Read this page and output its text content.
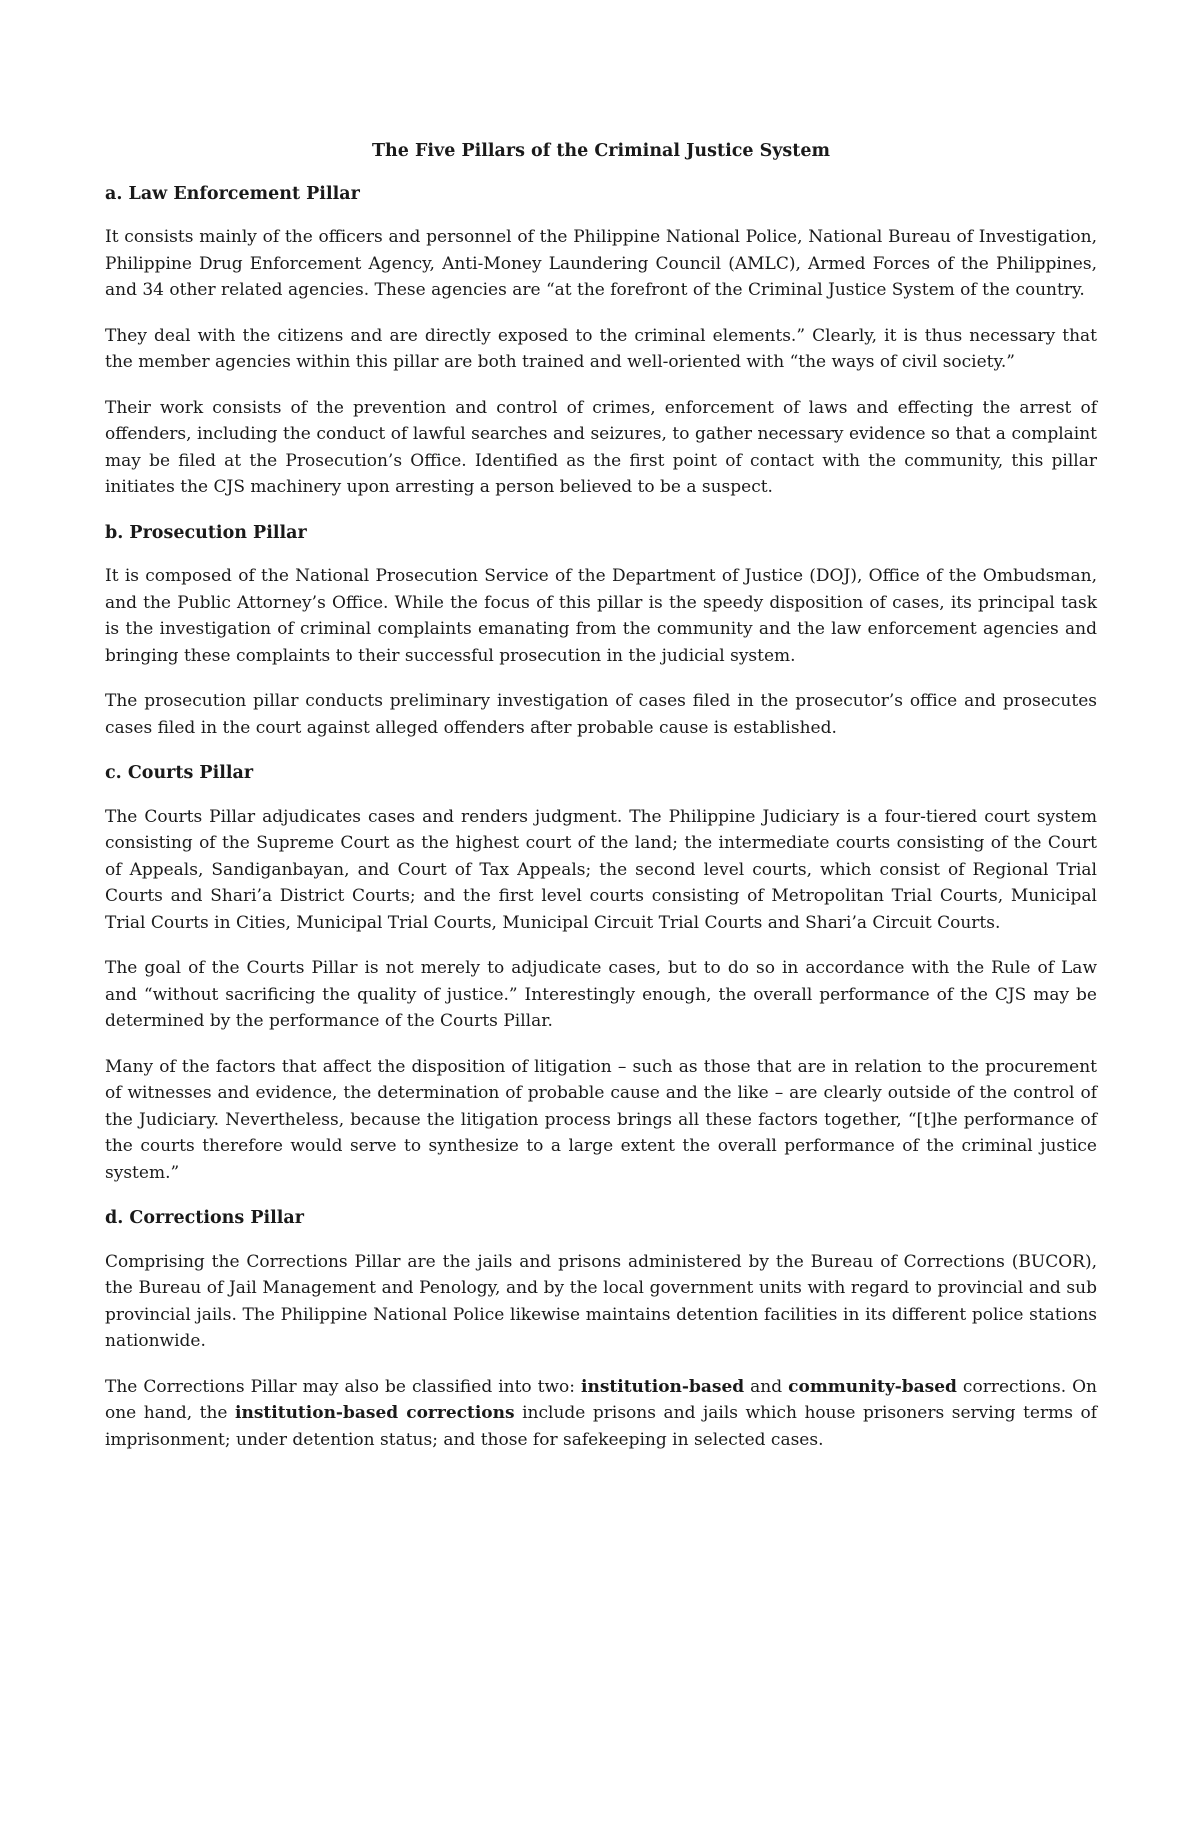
The Five Pillars of the Criminal Justice System
a. Law Enforcement Pillar

It consists mainly of the officers and personnel of the Philippine National Police, National Bureau of Investigation, Philippine Drug Enforcement Agency, Anti-Money Laundering Council (AMLC), Armed Forces of the Philippines, and 34 other related agencies. These agencies are “at the forefront of the Criminal Justice System of the country.

They deal with the citizens and are directly exposed to the criminal elements.” Clearly, it is thus necessary that the member agencies within this pillar are both trained and well-oriented with “the ways of civil society.”

Their work consists of the prevention and control of crimes, enforcement of laws and effecting the arrest of offenders, including the conduct of lawful searches and seizures, to gather necessary evidence so that a complaint may be filed at the Prosecution’s Office. Identified as the first point of contact with the community, this pillar initiates the CJS machinery upon arresting a person believed to be a suspect.

b. Prosecution Pillar

It is composed of the National Prosecution Service of the Department of Justice (DOJ), Office of the Ombudsman, and the Public Attorney’s Office. While the focus of this pillar is the speedy disposition of cases, its principal task is the investigation of criminal complaints emanating from the community and the law enforcement agencies and bringing these complaints to their successful prosecution in the judicial system.

The prosecution pillar conducts preliminary investigation of cases filed in the prosecutor’s office and prosecutes cases filed in the court against alleged offenders after probable cause is established.

c. Courts Pillar

The Courts Pillar adjudicates cases and renders judgment. The Philippine Judiciary is a four-tiered court system consisting of the Supreme Court as the highest court of the land; the intermediate courts consisting of the Court of Appeals, Sandiganbayan, and Court of Tax Appeals; the second level courts, which consist of Regional Trial Courts and Shari’a District Courts; and the first level courts consisting of Metropolitan Trial Courts, Municipal Trial Courts in Cities, Municipal Trial Courts, Municipal Circuit Trial Courts and Shari’a Circuit Courts.

The goal of the Courts Pillar is not merely to adjudicate cases, but to do so in accordance with the Rule of Law and “without sacrificing the quality of justice.” Interestingly enough, the overall performance of the CJS may be determined by the performance of the Courts Pillar.

Many of the factors that affect the disposition of litigation – such as those that are in relation to the procurement of witnesses and evidence, the determination of probable cause and the like – are clearly outside of the control of the Judiciary. Nevertheless, because the litigation process brings all these factors together, “[t]he performance of the courts therefore would serve to synthesize to a large extent the overall performance of the criminal justice system.”

d. Corrections Pillar

Comprising the Corrections Pillar are the jails and prisons administered by the Bureau of Corrections (BUCOR), the Bureau of Jail Management and Penology, and by the local government units with regard to provincial and sub provincial jails. The Philippine National Police likewise maintains detention facilities in its different police stations nationwide.

The Corrections Pillar may also be classified into two: institution-based and community-based corrections. On one hand, the institution-based corrections include prisons and jails which house prisoners serving terms of imprisonment; under detention status; and those for safekeeping in selected cases.
